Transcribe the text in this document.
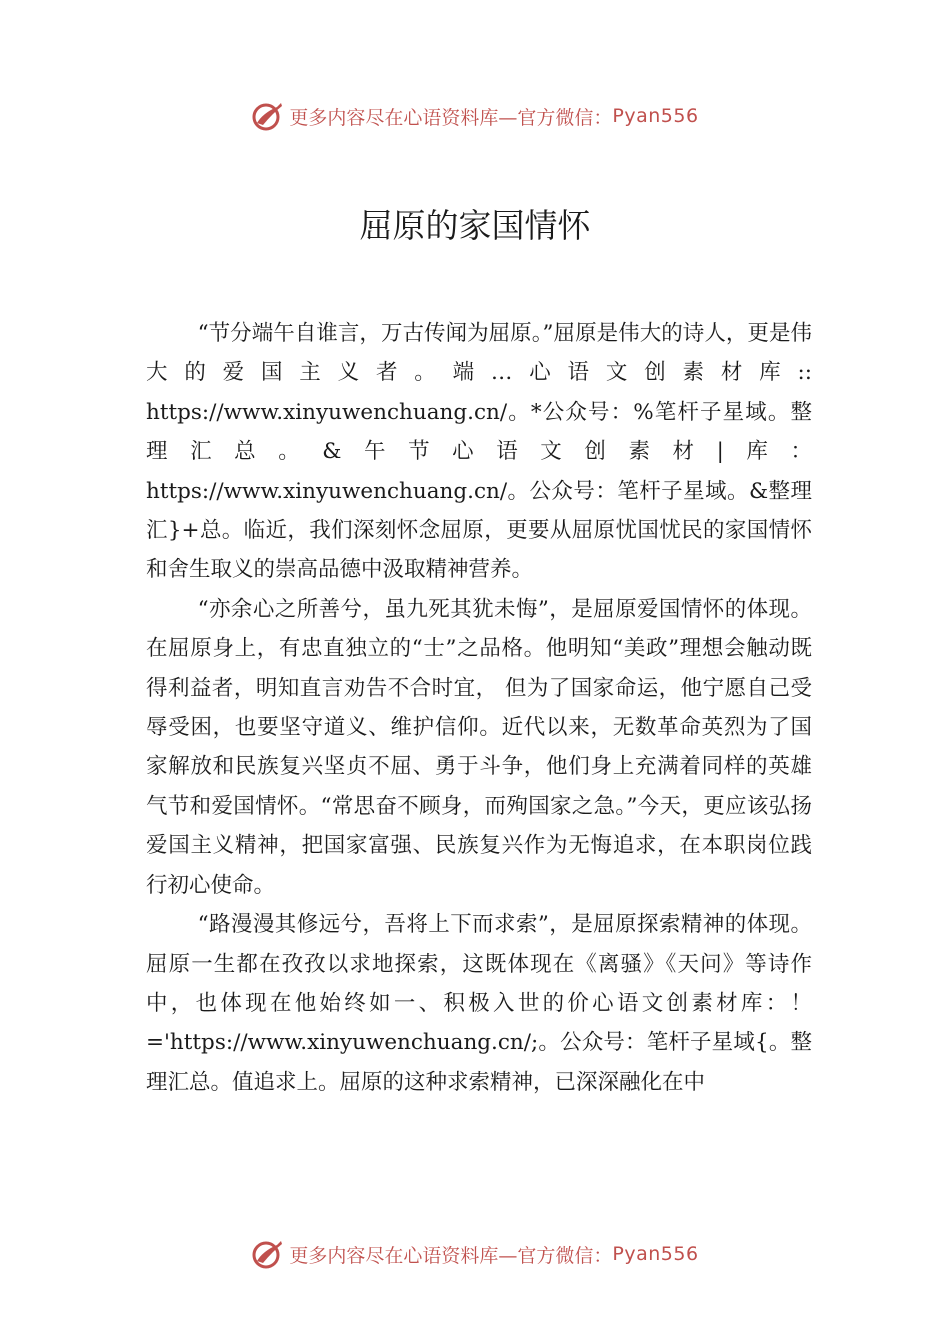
更多内容尽在心语资料库—官方微信： Pyan556
屈原的家国情怀

“节分端午自谁言，万古传闻为屈原。”屈原是伟大的诗人，更是伟大的爱国主义者。端…心语文创素材库:: https://www.xinyuwenchuang.cn/。*公众号：%笔杆子星域。整理汇总。&午节心语文创素材|库：https://www.xinyuwenchuang.cn/。公众号：笔杆子星域。&整理汇}+总。临近，我们深刻怀念屈原，更要从屈原忧国忧民的家国情怀和舍生取义的崇高品德中汲取精神营养。

“亦余心之所善兮，虽九死其犹未悔”，是屈原爱国情怀的体现。在屈原身上，有忠直独立的“士”之品格。他明知“美政”理想会触动既得利益者，明知直言劝告不合时宜， 但为了国家命运，他宁愿自己受辱受困，也要坚守道义、维护信仰。近代以来，无数革命英烈为了国家解放和民族复兴坚贞不屈、勇于斗争，他们身上充满着同样的英雄气节和爱国情怀。“常思奋不顾身，而殉国家之急。”今天，更应该弘扬爱国主义精神，把国家富强、民族复兴作为无悔追求，在本职岗位践行初心使命。

“路漫漫其修远兮，吾将上下而求索”，是屈原探索精神的体现。屈原一生都在孜孜以求地探索，这既体现在《离骚》《天问》等诗作中，也体现在他始终如一、积极入世的价心语文创素材库：！='https://www.xinyuwenchuang.cn/;。公众号：笔杆子星域{。整理汇总。值追求上。屈原的这种求索精神，已深深融化在中

更多内容尽在心语资料库—官方微信： Pyan556
